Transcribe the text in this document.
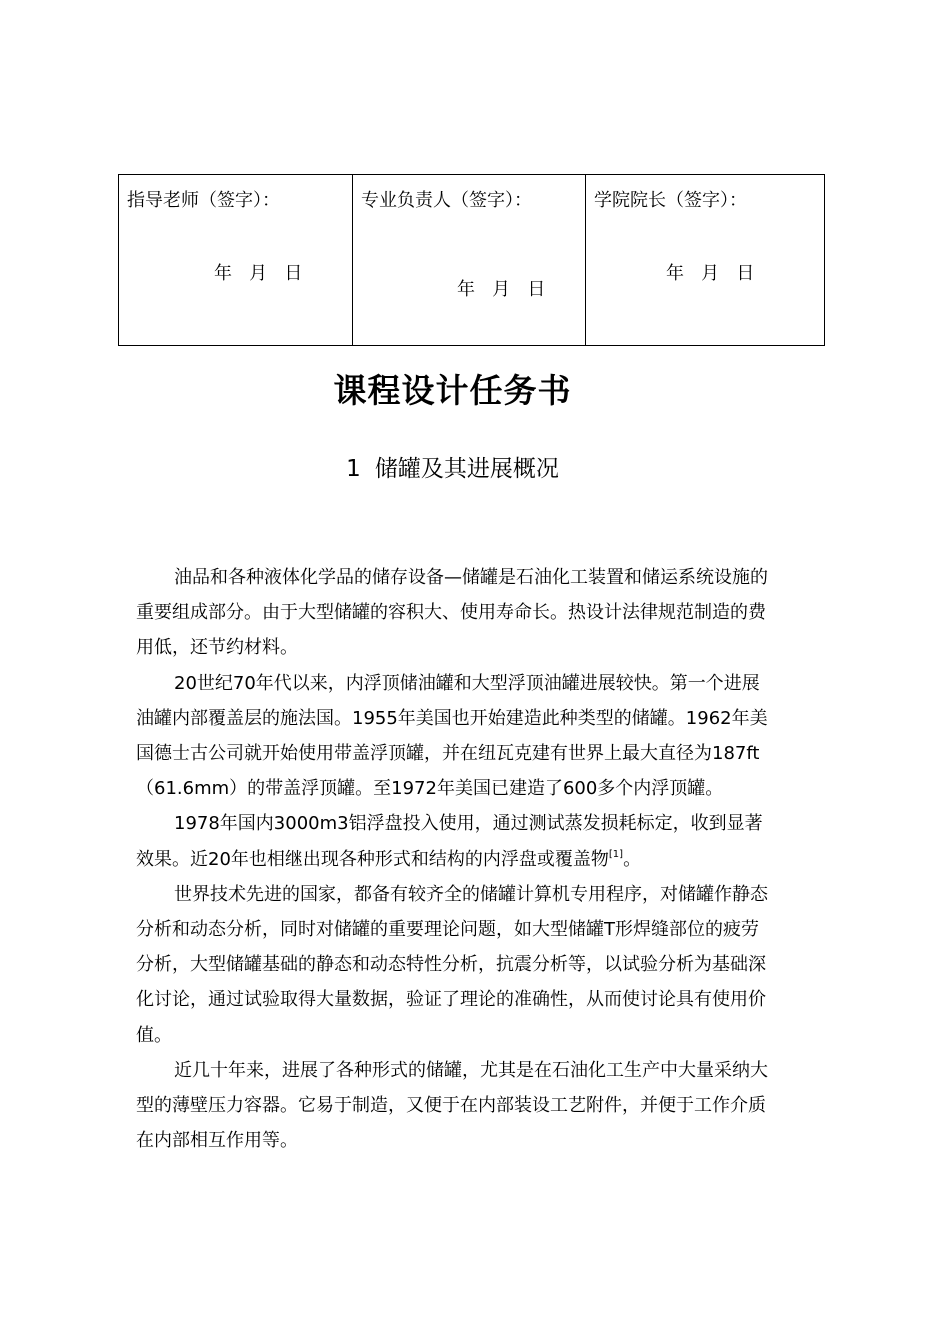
指导老师（签字）：
年   月   日
专业负责人（签字）：
年   月   日
学院院长（签字）：
年   月   日
课程设计任务书
1 储罐及其进展概况

油品和各种液体化学品的储存设备—储罐是石油化工装置和储运系统设施的重要组成部分。由于大型储罐的容积大、使用寿命长。热设计法律规范制造的费用低，还节约材料。

20世纪70年代以来，内浮顶储油罐和大型浮顶油罐进展较快。第一个进展油罐内部覆盖层的施法国。1955年美国也开始建造此种类型的储罐。1962年美国德士古公司就开始使用带盖浮顶罐，并在纽瓦克建有世界上最大直径为187ft（61.6mm）的带盖浮顶罐。至1972年美国已建造了600多个内浮顶罐。

1978年国内3000m3铝浮盘投入使用，通过测试蒸发损耗标定，收到显著效果。近20年也相继出现各种形式和结构的内浮盘或覆盖物[1]。

世界技术先进的国家，都备有较齐全的储罐计算机专用程序，对储罐作静态分析和动态分析，同时对储罐的重要理论问题，如大型储罐T形焊缝部位的疲劳分析，大型储罐基础的静态和动态特性分析，抗震分析等，以试验分析为基础深化讨论，通过试验取得大量数据，验证了理论的准确性，从而使讨论具有使用价值。

近几十年来，进展了各种形式的储罐，尤其是在石油化工生产中大量采纳大型的薄壁压力容器。它易于制造，又便于在内部装设工艺附件，并便于工作介质在内部相互作用等。
